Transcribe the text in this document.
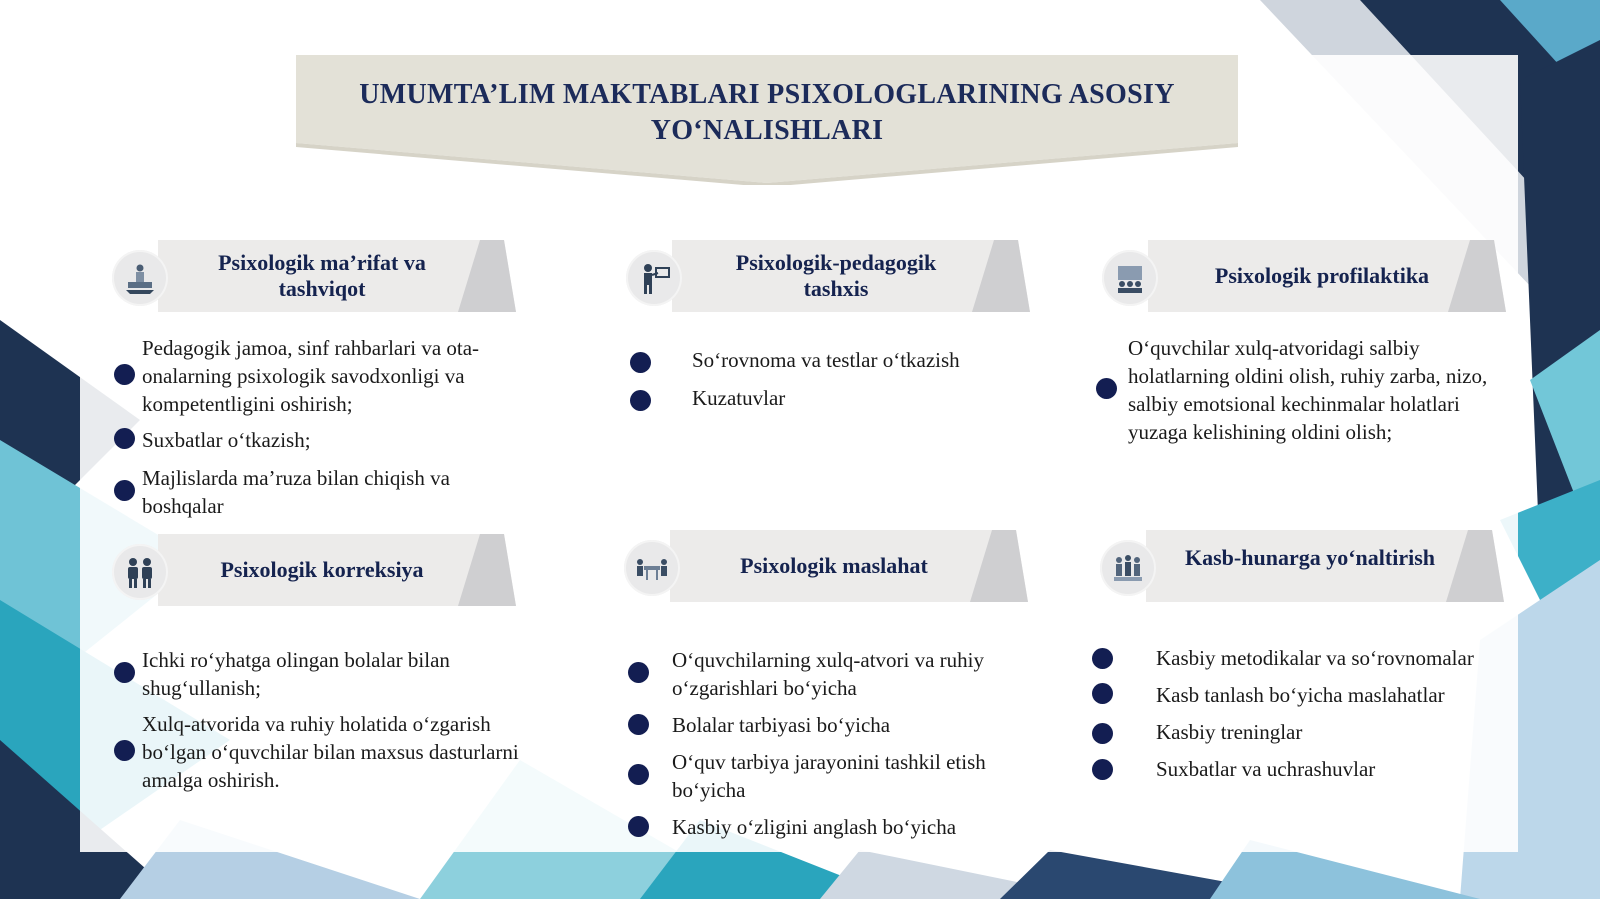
UMUMTA’LIM MAKTABLARI PSIXOLOGLARINING ASOSIY YO‘NALISHLARI
Psixologik ma’rifat va tashviqot
Pedagogik jamoa, sinf rahbarlari va ota-onalarning psixologik savodxonligi va kompetentligini oshirish;
Suxbatlar o‘tkazish;
Majlislarda ma’ruza bilan chiqish va boshqalar
Psixologik-pedagogik tashxis
So‘rovnoma va testlar o‘tkazish
Kuzatuvlar
Psixologik profilaktika
O‘quvchilar xulq-atvoridagi salbiy holatlarning oldini olish, ruhiy zarba, nizo, salbiy emotsional kechinmalar holatlari yuzaga kelishining oldini olish;
Psixologik korreksiya
Ichki ro‘yhatga olingan bolalar bilan shug‘ullanish;
Xulq-atvorida va ruhiy holatida o‘zgarish bo‘lgan o‘quvchilar bilan maxsus dasturlarni amalga oshirish.
Psixologik maslahat
O‘quvchilarning xulq-atvori va ruhiy o‘zgarishlari bo‘yicha
Bolalar tarbiyasi bo‘yicha
O‘quv tarbiya jarayonini tashkil etish bo‘yicha
Kasbiy o‘zligini anglash bo‘yicha
Kasb-hunarga yo‘naltirish
Kasbiy metodikalar va so‘rovnomalar
Kasb tanlash bo‘yicha maslahatlar
Kasbiy treninglar
Suxbatlar va uchrashuvlar
